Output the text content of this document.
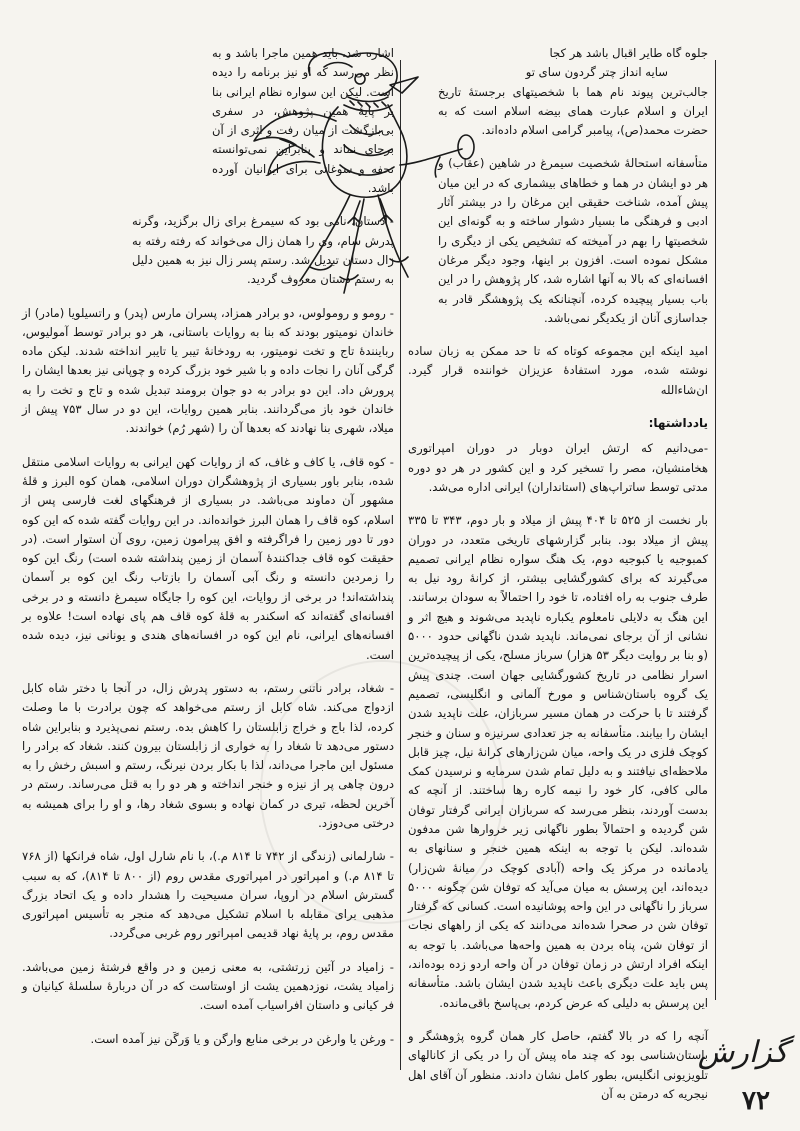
جلوه گاه طایر اقبال باشد هر کجا

سایه انداز چتر گردون سای تو

جالب‌ترین پیوند نام هما با شخصیتهای برجستهٔ تاریخ ایران و اسلام عبارت همای بیضه اسلام است که به حضرت محمد(ص)، پیامبر گرامی اسلام داده‌اند.

متأسفانه استحالهٔ شخصیت سیمرغ در شاهین (عقاب) و هر دو ایشان در هما و خطاهای بیشماری که در این میان پیش آمده، شناخت حقیقی این مرغان را در بیشتر آثار ادبی و فرهنگی ما بسیار دشوار ساخته و به گونه‌ای این شخصیتها را بهم در آمیخته که تشخیص یکی از دیگری را مشکل نموده است. افزون بر اینها، وجود دیگر مرغان افسانه‌ای که بالا به آنها اشاره شد، کار پژوهش را در این باب بسیار پیچیده کرده، آنچنانکه یک پژوهشگر قادر به جداسازی آنان از یکدیگر نمی‌باشد.

امید اینکه این مجموعه کوتاه که تا حد ممکن به زبان ساده نوشته شده، مورد استفادهٔ عزیزان خواننده قرار گیرد. ان‌شاءالله

یادداشتها:

- می‌دانیم که ارتش ایران دوبار در دوران امپراتوری هخامنشیان، مصر را تسخیر کرد و این کشور در هر دو دوره مدتی توسط ساتراپ‌های (استانداران) ایرانی اداره می‌شد.

بار نخست از ۵۲۵ تا ۴۰۴ پیش از میلاد و بار دوم، ۳۴۳ تا ۳۳۵ پیش از میلاد بود. بنابر گزارشهای تاریخی متعدد، در دوران کمبوجیه یا کبوجیه دوم، یک هنگ سواره نظام ایرانی تصمیم می‌گیرند که برای کشورگشایی بیشتر، از کرانهٔ رود نیل به طرف جنوب به راه افتاده، تا خود را احتمالاً به سودان برسانند. این هنگ به دلایلی نامعلوم یکباره ناپدید می‌شوند و هیچ اثر و نشانی از آن برجای نمی‌ماند. ناپدید شدن ناگهانی حدود ۵۰۰۰ (و بنا بر روایت دیگر ۵۳ هزار) سرباز مسلح، یکی از پیچیده‌ترین اسرار نظامی در تاریخ کشورگشایی جهان است. چندی پیش یک گروه باستان‌شناس و مورخ آلمانی و انگلیسی، تصمیم گرفتند تا با حرکت در همان مسیر سربازان، علت ناپدید شدن ایشان را بیابند. متأسفانه به جز تعدادی سرنیزه و سنان و خنجر کوچک فلزی در یک واحه، میان شن‌زارهای کرانهٔ نیل، چیز قابل ملاحظه‌ای نیافتند و به دلیل تمام شدن سرمایه و نرسیدن کمک مالی کافی، کار خود را نیمه کاره رها ساختند. از آنچه که بدست آوردند، بنظر می‌رسد که سربازان ایرانی گرفتار توفان شن گردیده و احتمالاً بطور ناگهانی زیر خروارها شن مدفون شده‌اند. لیکن با توجه به اینکه همین خنجر و سنانهای به یادمانده در مرکز یک واحه (آبادی کوچک در میانهٔ شن‌زار) دیده‌اند، این پرسش به میان می‌آید که توفان شن چگونه ۵۰۰۰ سرباز را ناگهانی در این واحه پوشانیده است. کسانی که گرفتار توفان شن در صحرا شده‌اند می‌دانند که یکی از راههای نجات از توفان شن، پناه بردن به همین واحه‌ها می‌باشد. با توجه به اینکه افراد ارتش در زمان توفان در آن واحه اردو زده بوده‌اند، پس باید علت دیگری باعث ناپدید شدن ایشان باشد. متأسفانه این پرسش به دلیلی که عرض کردم، بی‌پاسخ باقی‌مانده.

آنچه را که در بالا گفتم، حاصل کار همان گروه پژوهشگر و باستان‌شناسی بود که چند ماه پیش آن را در یکی از کانالهای تلویزیونی انگلیس، بطور کامل نشان دادند. منظور آن آقای اهل نیجریه که درمتن به آن

اشاره شد، باید همین ماجرا باشد و به نظر می‌رسد که او نیز برنامه را دیده است. لیکن این سواره نظام ایرانی بنا بر پایهٔ همین پژوهش، در سفری بی‌بازگشت از میان رفت و اثری از آن برجای نماند و بنابراین نمی‌توانسته تحفه و سوغاتی برای ایرانیان آورده باشد.

- دستان، نامی بود که سیمرغ برای زال برگزید، وگرنه پدرش سام، وی را همان زال می‌خواند که رفته رفته به زال دستان تبدیل شد. رستم پسر زال نیز به همین دلیل به رستم دستان معروف گردید.

- رومو و رومولوس، دو برادر همزاد، پسران مارس (پدر) و راتسیلویا (مادر) از خاندان نومیتور بودند که بنا به روایات باستانی، هر دو برادر توسط آمولیوس، رباینندهٔ تاج و تخت نومیتور، به رودخانهٔ تیبر یا تایبر انداخته شدند. لیکن ماده گرگی آنان را نجات داده و با شیر خود بزرگ کرده و چوپانی نیز بعدها ایشان را پرورش داد. این دو برادر به دو جوان برومند تبدیل شده و تاج و تخت را به خاندان خود باز می‌گردانند. بنابر همین روایات، این دو در سال ۷۵۳ پیش از میلاد، شهری بنا نهادند که بعدها آن را (شهر رُم) خواندند.

- کوه قاف، یا کاف و غاف، که از روایات کهن ایرانی به روایات اسلامی منتقل شده، بنابر باور بسیاری از پژوهشگران دوران اسلامی، همان کوه البرز و قلهٔ مشهور آن دماوند می‌باشد. در بسیاری از فرهنگهای لغت فارسی پس از اسلام، کوه قاف را همان البرز خوانده‌اند. در این روایات گفته شده که این کوه دور تا دور زمین را فراگرفته و افق پیرامون زمین، روی آن استوار است. (در حقیقت کوه قاف جداکنندهٔ آسمان از زمین پنداشته شده است) رنگ این کوه را زمردین دانسته و رنگ آبی آسمان را بازتاب رنگ این کوه بر آسمان پنداشته‌اند! در برخی از روایات، این کوه را جایگاه سیمرغ دانسته و در برخی افسانه‌ای گفته‌اند که اسکندر به قلهٔ کوه قاف هم پای نهاده است! علاوه بر افسانه‌های ایرانی، نام این کوه در افسانه‌های هندی و یونانی نیز، دیده شده است.

- شغاد، برادر ناتنی رستم، به دستور پدرش زال، در آنجا با دختر شاه کابل ازدواج می‌کند. شاه کابل از رستم می‌خواهد که چون برادرت با ما وصلت کرده، لذا باج و خراج زابلستان را کاهش بده. رستم نمی‌پذیرد و بنابراین شاه دستور می‌دهد تا شغاد را به خواری از زابلستان بیرون کنند. شغاد که برادر را مسئول این ماجرا می‌داند، لذا با بکار بردن نیرنگ، رستم و اسبش رخش را به درون چاهی پر از نیزه و خنجر انداخته و هر دو را به قتل می‌رساند. رستم در آخرین لحظه، تیری در کمان نهاده و بسوی شغاد رها، و او را برای همیشه به درختی می‌دوزد.

- شارلمانی (زندگی از ۷۴۲ تا ۸۱۴ م.)، با نام شارل اول، شاه فرانکها (از ۷۶۸ تا ۸۱۴ م.) و امپراتور در امپراتوری مقدس روم (از ۸۰۰ تا ۸۱۴)، که به سبب گسترش اسلام در اروپا، سران مسیحیت را هشدار داده و یک اتحاد بزرگ مذهبی برای مقابله با اسلام تشکیل می‌دهد که منجر به تأسیس امپراتوری مقدس روم، بر پایهٔ نهاد قدیمی امپراتور روم غربی می‌گردد.

- زامیاد در آئین زرتشتی، به معنی زمین و در واقع فرشتهٔ زمین می‌باشد. زامیاد یشت، نوزدهمین یشت از اوستاست که در آن دربارهٔ سلسلهٔ کیانیان و فر کیانی و داستان افراسیاب آمده است.

- ورغن یا وارغن در برخی منابع وارگن و یا وَرگَن نیز آمده است.	گزارش
۷۲
